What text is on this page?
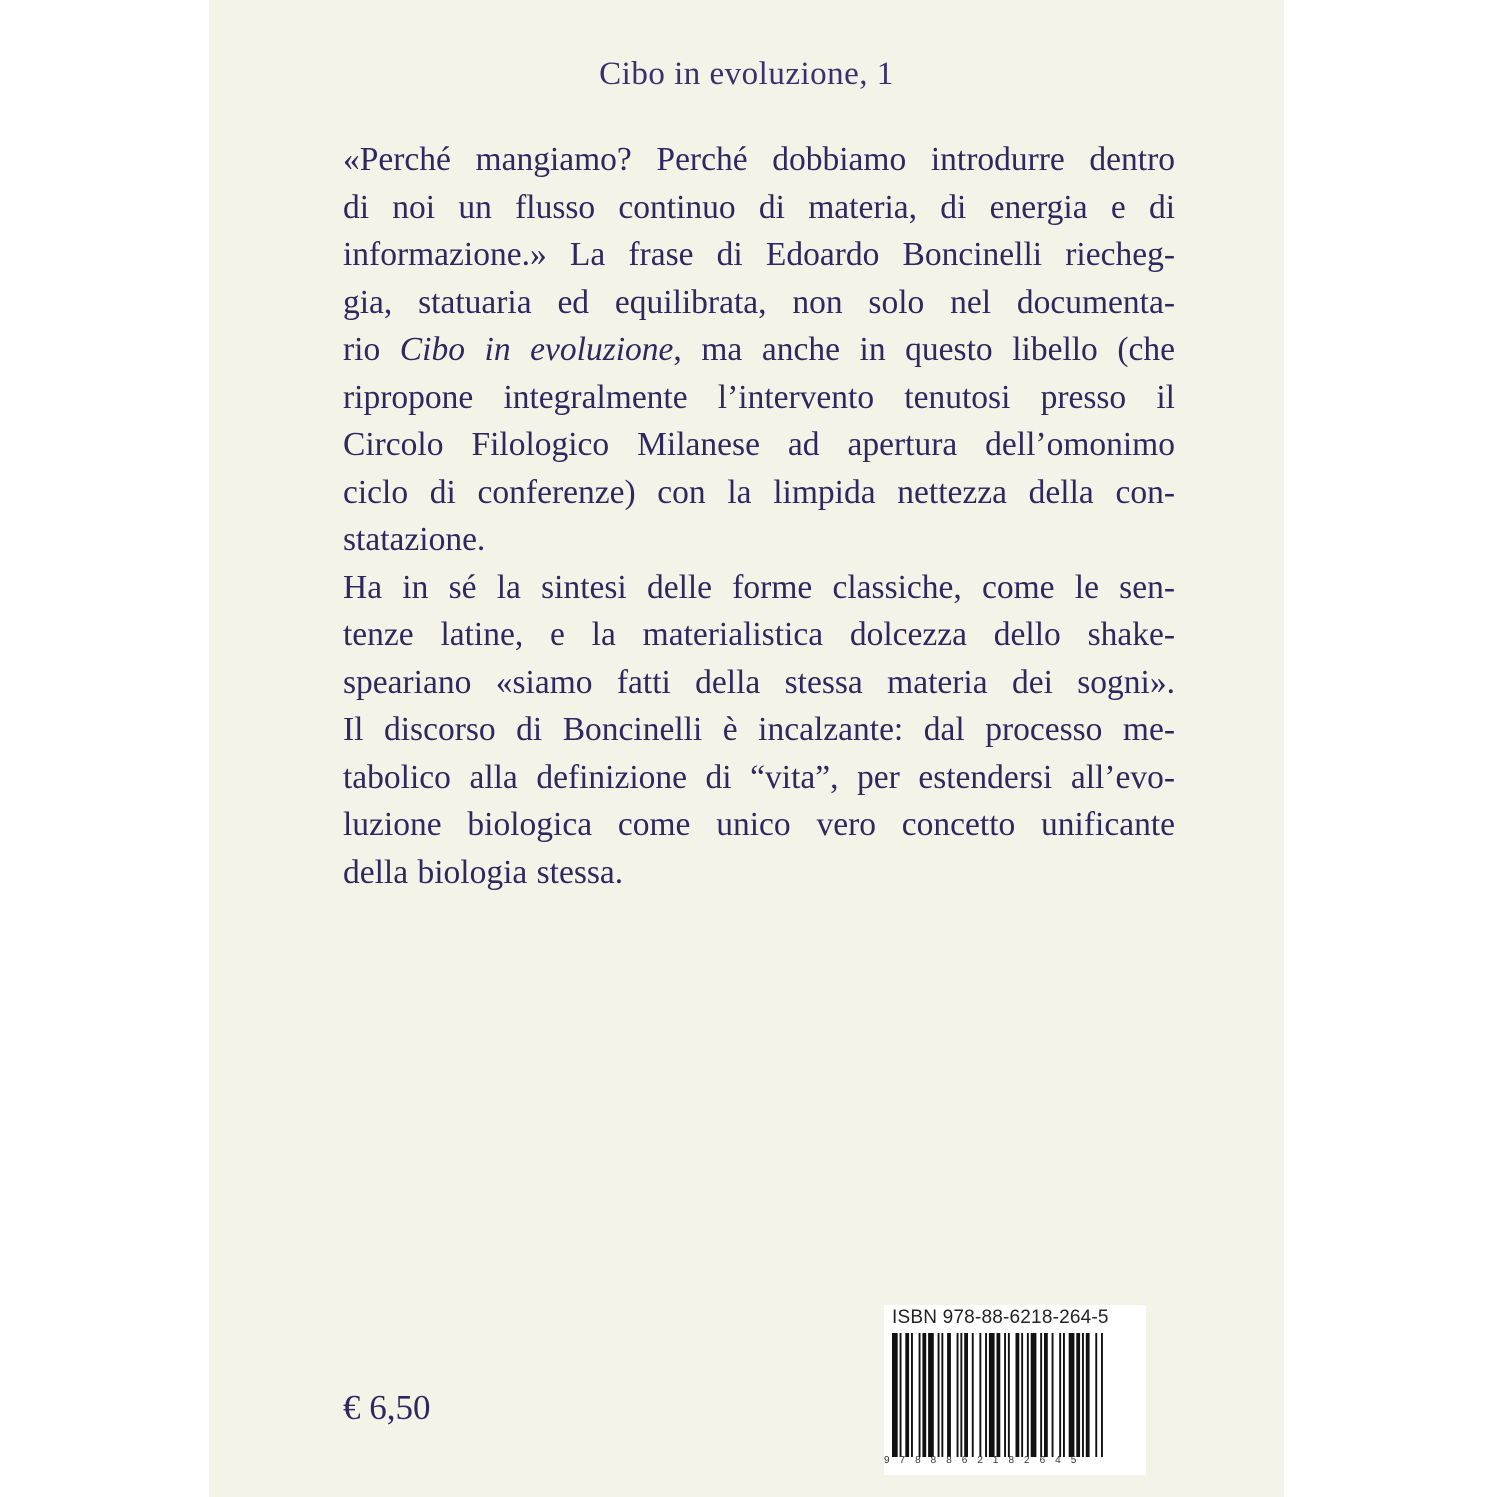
Cibo in evoluzione, 1
«Perché mangiamo? Perché dobbiamo introdurre dentro
di noi un flusso continuo di materia, di energia e di
informazione.» La frase di Edoardo Boncinelli riecheg-
gia, statuaria ed equilibrata, non solo nel documenta-
rio Cibo in evoluzione, ma anche in questo libello (che
ripropone integralmente l’intervento tenutosi presso il
Circolo Filologico Milanese ad apertura dell’omonimo
ciclo di conferenze) con la limpida nettezza della con-
statazione.
Ha in sé la sintesi delle forme classiche, come le sen-
tenze latine, e la materialistica dolcezza dello shake-
speariano «siamo fatti della stessa materia dei sogni».
Il discorso di Boncinelli è incalzante: dal processo me-
tabolico alla definizione di “vita”, per estendersi all’evo-
luzione biologica come unico vero concetto unificante
della biologia stessa.
€ 6,50
ISBN 978-88-6218-264-5
9788862182645
